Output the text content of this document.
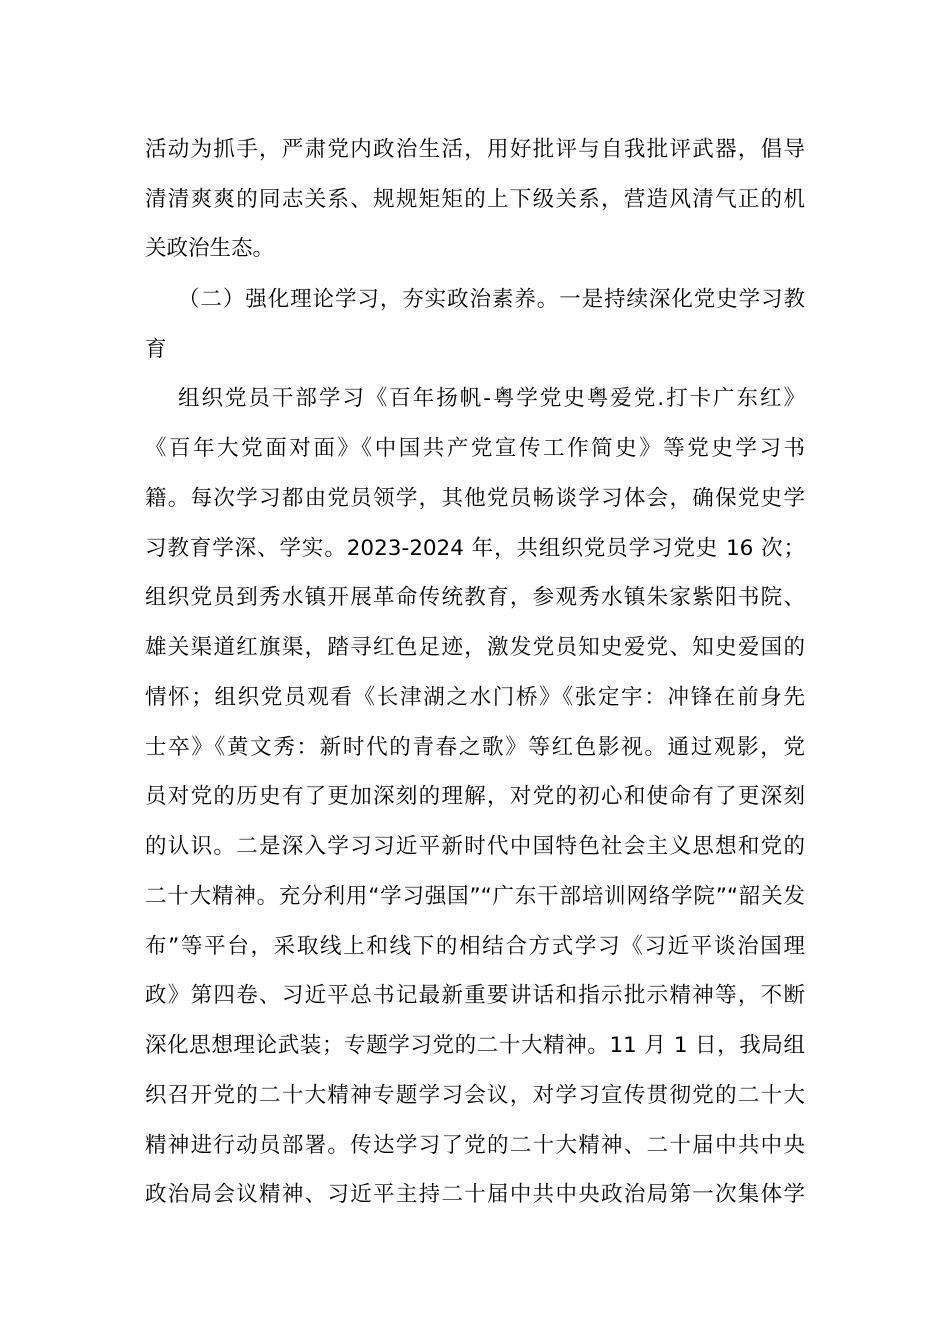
活动为抓手，严肃党内政治生活，用好批评与自我批评武器，倡导
清清爽爽的同志关系、规规矩矩的上下级关系，营造风清气正的机
关政治生态。
（二）强化理论学习，夯实政治素养。一是持续深化党史学习教
育
组织党员干部学习《百年扬帆-粤学党史粤爱党.打卡广东红》
《百年大党面对面》《中国共产党宣传工作简史》等党史学习书
籍。每次学习都由党员领学，其他党员畅谈学习体会，确保党史学
习教育学深、学实。2023-2024 年，共组织党员学习党史 16 次；
组织党员到秀水镇开展革命传统教育，参观秀水镇朱家紫阳书院、
雄关渠道红旗渠，踏寻红色足迹，激发党员知史爱党、知史爱国的
情怀；组织党员观看《长津湖之水门桥》《张定宇：冲锋在前身先
士卒》《黄文秀：新时代的青春之歌》等红色影视。通过观影，党
员对党的历史有了更加深刻的理解，对党的初心和使命有了更深刻
的认识。二是深入学习习近平新时代中国特色社会主义思想和党的
二十大精神。充分利用“学习强国”“广东干部培训网络学院”“韶关发
布”等平台，采取线上和线下的相结合方式学习《习近平谈治国理
政》第四卷、习近平总书记最新重要讲话和指示批示精神等，不断
深化思想理论武装；专题学习党的二十大精神。11 月 1 日，我局组
织召开党的二十大精神专题学习会议，对学习宣传贯彻党的二十大
精神进行动员部署。传达学习了党的二十大精神、二十届中共中央
政治局会议精神、习近平主持二十届中共中央政治局第一次集体学
